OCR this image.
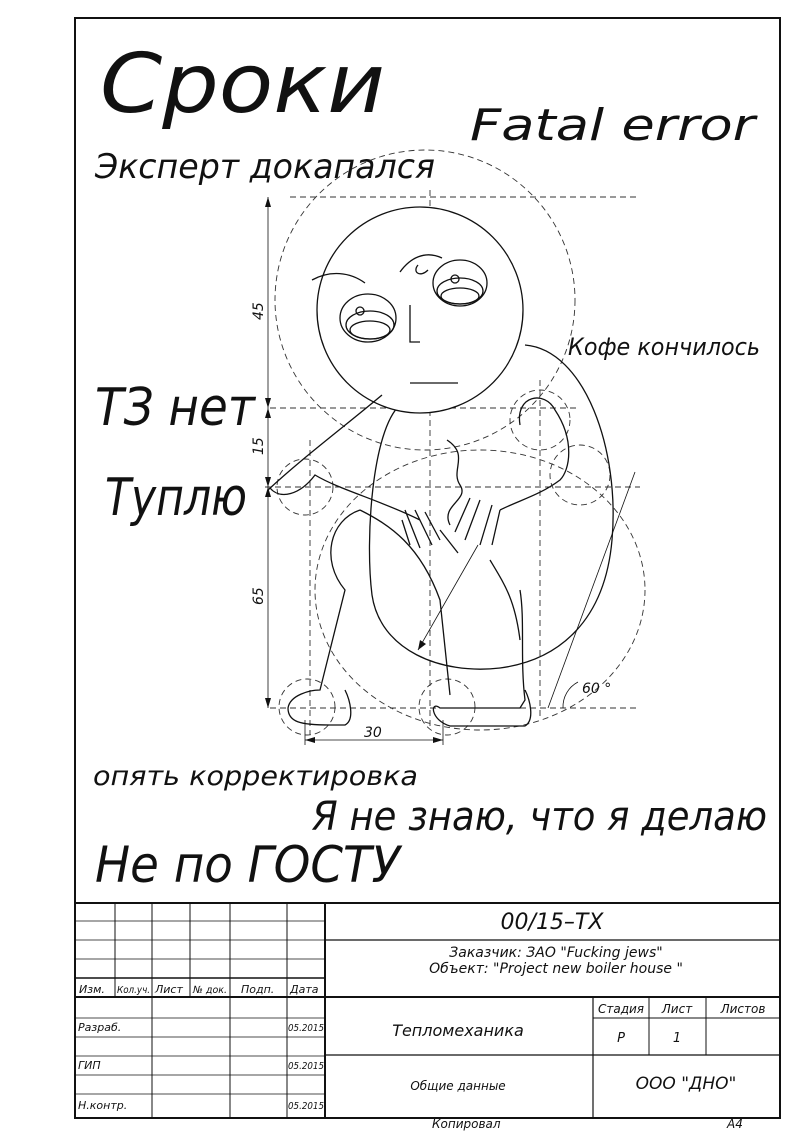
Сроки Fatal error
Эксперт докапался
Кофе кончилось
ТЗ нет
Туплю
опять корректировка
Я не знаю, что я делаю
Не по ГОСТУ
45
15
65
30
60 °
Изм. Кол.уч. Лист № док. Подп. Дата
Разраб.	05.2015
ГИП	05.2015
Н.контр.	05.2015
00/15–ТХ
Заказчик: ЗАО "Fucking jews"
Объект: "Project new boiler house "
Тепломеханика
Общие данные
Стадия Лист Листов
Р	1
ООО "ДНО"
Копировал	А4
